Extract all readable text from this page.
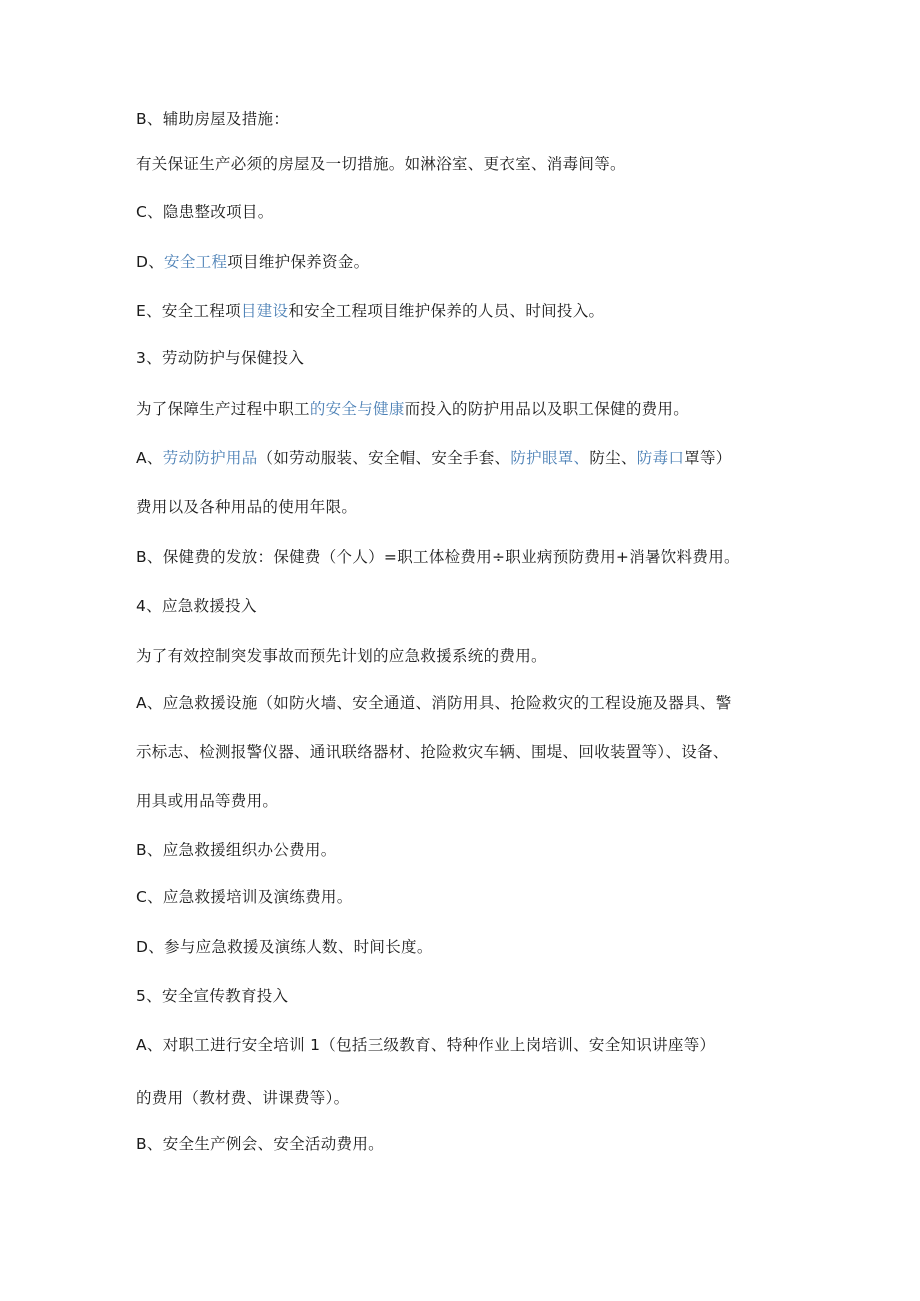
B、辅助房屋及措施：
有关保证生产必须的房屋及一切措施。如淋浴室、更衣室、消毒间等。
C、隐患整改项目。
D、安全工程项目维护保养资金。
E、安全工程项目建设和安全工程项目维护保养的人员、时间投入。
3、劳动防护与保健投入
为了保障生产过程中职工的安全与健康而投入的防护用品以及职工保健的费用。
A、劳动防护用品（如劳动服装、安全帽、安全手套、防护眼罩、防尘、防毒口罩等）
费用以及各种用品的使用年限。
B、保健费的发放：保健费（个人）=职工体检费用÷职业病预防费用+消暑饮料费用。
4、应急救援投入
为了有效控制突发事故而预先计划的应急救援系统的费用。
A、应急救援设施（如防火墙、安全通道、消防用具、抢险救灾的工程设施及器具、警
示标志、检测报警仪器、通讯联络器材、抢险救灾车辆、围堤、回收装置等）、设备、
用具或用品等费用。
B、应急救援组织办公费用。
C、应急救援培训及演练费用。
D、参与应急救援及演练人数、时间长度。
5、安全宣传教育投入
A、对职工进行安全培训 1（包括三级教育、特种作业上岗培训、安全知识讲座等）
的费用（教材费、讲课费等）。
B、安全生产例会、安全活动费用。
